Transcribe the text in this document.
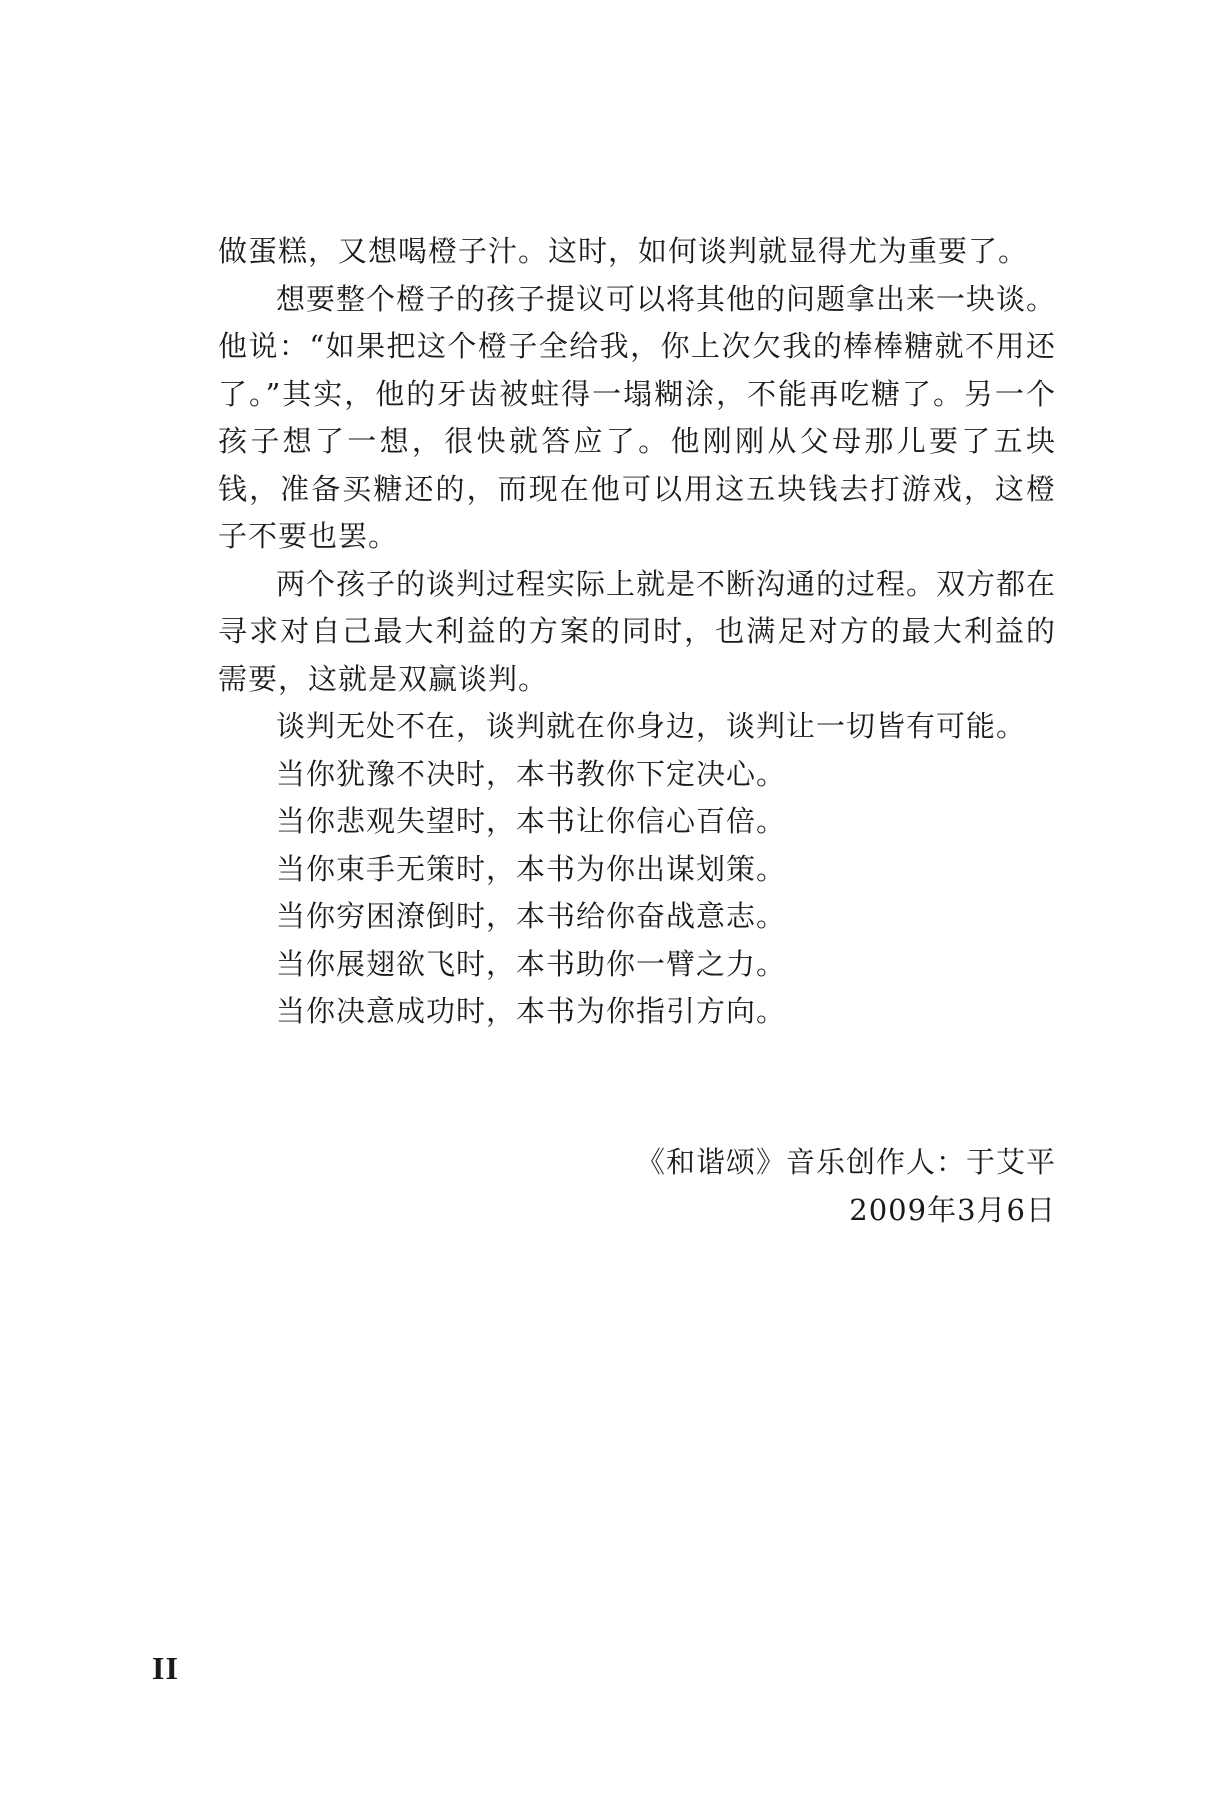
做蛋糕，又想喝橙子汁。这时，如何谈判就显得尤为重要了。

想要整个橙子的孩子提议可以将其他的问题拿出来一块谈。他说：“如果把这个橙子全给我，你上次欠我的棒棒糖就不用还了。”其实，他的牙齿被蛀得一塌糊涂，不能再吃糖了。另一个孩子想了一想，很快就答应了。他刚刚从父母那儿要了五块钱，准备买糖还的，而现在他可以用这五块钱去打游戏，这橙子不要也罢。

两个孩子的谈判过程实际上就是不断沟通的过程。双方都在寻求对自己最大利益的方案的同时，也满足对方的最大利益的需要，这就是双赢谈判。

谈判无处不在，谈判就在你身边，谈判让一切皆有可能。

当你犹豫不决时，本书教你下定决心。

当你悲观失望时，本书让你信心百倍。

当你束手无策时，本书为你出谋划策。

当你穷困潦倒时，本书给你奋战意志。

当你展翅欲飞时，本书助你一臂之力。

当你决意成功时，本书为你指引方向。

《和谐颂》音乐创作人：于艾平
2009年3月6日
II
